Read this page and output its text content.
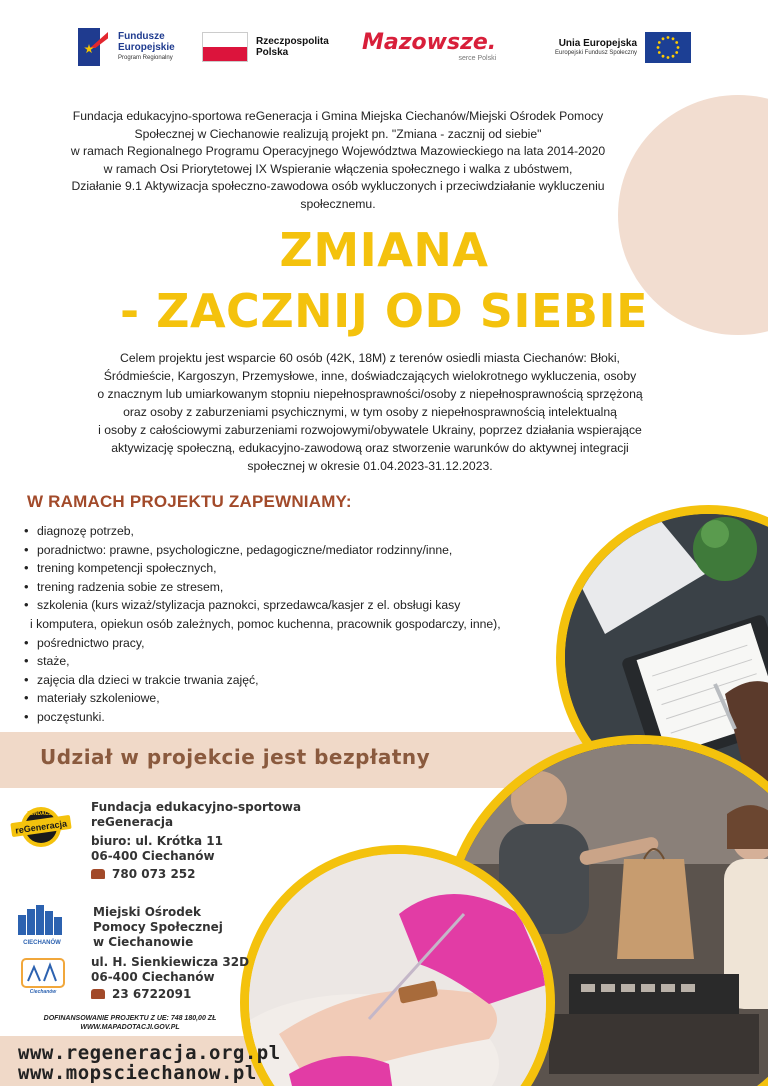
Fundusze
Europejskie
Program Regionalny
Rzeczpospolita
Polska	Mazowsze.
serce Polski
Unia Europejska
Europejski Fundusz Społeczny
Fundacja edukacyjno-sportowa reGeneracja i Gmina Miejska Ciechanów/Miejski Ośrodek Pomocy
Społecznej w Ciechanowie realizują projekt pn. "Zmiana - zacznij od siebie"
w ramach Regionalnego Programu Operacyjnego Województwa Mazowieckiego na lata 2014-2020
w ramach Osi Priorytetowej IX Wspieranie włączenia społecznego i walka z ubóstwem,
Działanie 9.1 Aktywizacja społeczno-zawodowa osób wykluczonych i przeciwdziałanie wykluczeniu
społecznemu.
ZMIANA
- ZACZNIJ OD SIEBIE
Celem projektu jest wsparcie 60 osób (42K, 18M) z terenów osiedli miasta Ciechanów: Błoki,
Śródmieście, Kargoszyn, Przemysłowe, inne, doświadczających wielokrotnego wykluczenia, osoby
o znacznym lub umiarkowanym stopniu niepełnosprawności/osoby z niepełnosprawnością sprzężoną
oraz osoby z zaburzeniami psychicznymi, w tym osoby z niepełnosprawnością intelektualną
i osoby z całościowymi zaburzeniami rozwojowymi/obywatele Ukrainy, poprzez działania wspierające
aktywizację społeczną, edukacyjno-zawodową oraz stworzenie warunków do aktywnej integracji
społecznej w okresie 01.04.2023-31.12.2023.
W RAMACH PROJEKTU ZAPEWNIAMY:
• diagnozę potrzeb,
• poradnictwo: prawne, psychologiczne, pedagogiczne/mediator rodzinny/inne,
• trening kompetencji społecznych,
• trening radzenia sobie ze stresem,
• szkolenia (kurs wizaż/stylizacja paznokci, sprzedawca/kasjer z el. obsługi kasy
i komputera, opiekun osób zależnych, pomoc kuchenna, pracownik gospodarczy, inne),
• pośrednictwo pracy,
• staże,
• zajęcia dla dzieci w trakcie trwania zajęć,
• materiały szkoleniowe,
• poczęstunki.
Udział w projekcie jest bezpłatny
reGeneracja
FUNDACJA	Fundacja edukacyjno-sportowa
reGeneracja
biuro: ul. Krótka 11
06-400 Ciechanów
780 073 252
CIECHANÓW
Ciechanów
Miejski Ośrodek
Pomocy Społecznej
w Ciechanowie
ul. H. Sienkiewicza 32D
06-400 Ciechanów
23 6722091
DOFINANSOWANIE PROJEKTU Z UE: 748 180,00 ZŁ
WWW.MAPADOTACJI.GOV.PL
www.regeneracja.org.pl
www.mopsciechanow.pl
